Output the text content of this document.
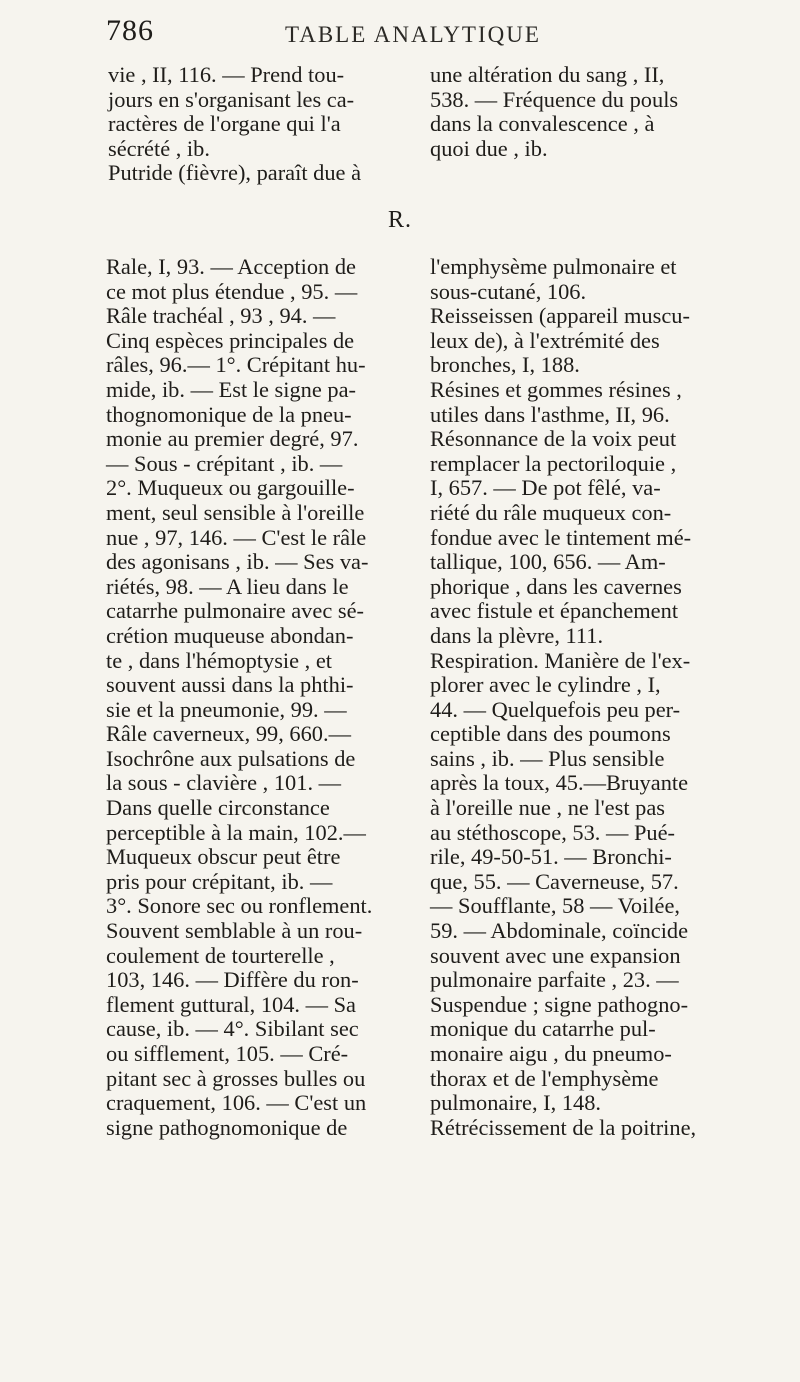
786	TABLE ANALYTIQUE
vie , II, 116. — Prend tou-
jours en s'organisant les ca-
ractères de l'organe qui l'a
sécrété , ib.
Putride (fièvre), paraît due à
une altération du sang , II,
538. — Fréquence du pouls
dans la convalescence , à
quoi due , ib.
R.
Rale, I, 93. — Acception de
ce mot plus étendue , 95. —
Râle trachéal , 93 , 94. —
Cinq espèces principales de
râles, 96.— 1°. Crépitant hu-
mide, ib. — Est le signe pa-
thognomonique de la pneu-
monie au premier degré, 97.
— Sous - crépitant , ib. —
2°. Muqueux ou gargouille-
ment, seul sensible à l'oreille
nue , 97, 146. — C'est le râle
des agonisans , ib. — Ses va-
riétés, 98. — A lieu dans le
catarrhe pulmonaire avec sé-
crétion muqueuse abondan-
te , dans l'hémoptysie , et
souvent aussi dans la phthi-
sie et la pneumonie, 99. —
Râle caverneux, 99, 660.—
Isochrône aux pulsations de
la sous - clavière , 101. —
Dans quelle circonstance
perceptible à la main, 102.—
Muqueux obscur peut être
pris pour crépitant, ib. —
3°. Sonore sec ou ronflement.
Souvent semblable à un rou-
coulement de tourterelle ,
103, 146. — Diffère du ron-
flement guttural, 104. — Sa
cause, ib. — 4°. Sibilant sec
ou sifflement, 105. — Cré-
pitant sec à grosses bulles ou
craquement, 106. — C'est un
signe pathognomonique de
l'emphysème pulmonaire et
sous-cutané, 106.
Reisseissen (appareil muscu-
leux de), à l'extrémité des
bronches, I, 188.
Résines et gommes résines ,
utiles dans l'asthme, II, 96.
Résonnance de la voix peut
remplacer la pectoriloquie ,
I, 657. — De pot fêlé, va-
riété du râle muqueux con-
fondue avec le tintement mé-
tallique, 100, 656. — Am-
phorique , dans les cavernes
avec fistule et épanchement
dans la plèvre, 111.
Respiration. Manière de l'ex-
plorer avec le cylindre , I,
44. — Quelquefois peu per-
ceptible dans des poumons
sains , ib. — Plus sensible
après la toux, 45.—Bruyante
à l'oreille nue , ne l'est pas
au stéthoscope, 53. — Pué-
rile, 49-50-51. — Bronchi-
que, 55. — Caverneuse, 57.
— Soufflante, 58 — Voilée,
59. — Abdominale, coïncide
souvent avec une expansion
pulmonaire parfaite , 23. —
Suspendue ; signe pathogno-
monique du catarrhe pul-
monaire aigu , du pneumo-
thorax et de l'emphysème
pulmonaire, I, 148.
Rétrécissement de la poitrine,
